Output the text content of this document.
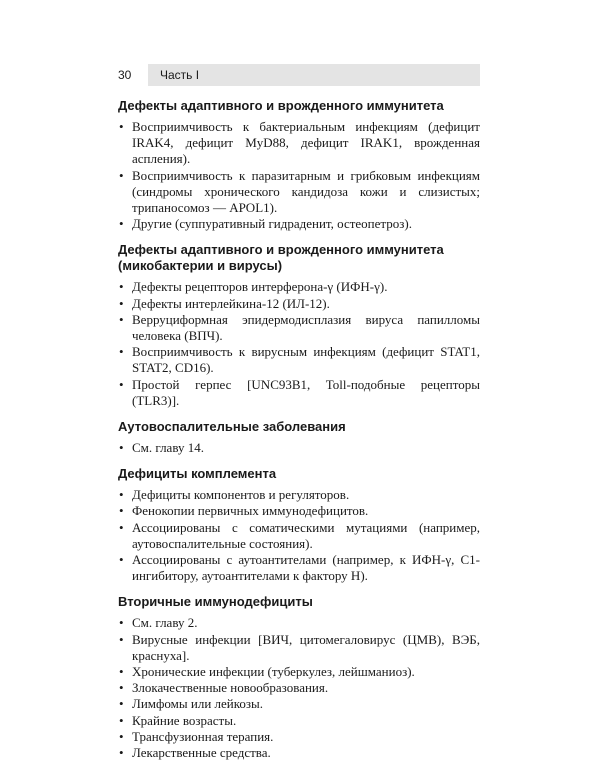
30	Часть I
Дефекты адаптивного и врожденного иммунитета
• Восприимчивость к бактериальным инфекциям (дефицит IRAK4, дефицит MyD88, дефицит IRAK1, врожденная аспления).
• Восприимчивость к паразитарным и грибковым инфекциям (синдромы хронического кандидоза кожи и слизистых; трипаносомоз — APOL1).
• Другие (суппуративный гидраденит, остеопетроз).
Дефекты адаптивного и врожденного иммунитета (микобактерии и вирусы)
• Дефекты рецепторов интерферона-γ (ИФН-γ).
• Дефекты интерлейкина-12 (ИЛ-12).
• Верруциформная эпидермодисплазия вируса папилломы человека (ВПЧ).
• Восприимчивость к вирусным инфекциям (дефицит STAT1, STAT2, CD16).
• Простой герпес [UNC93B1, Toll-подобные рецепторы (TLR3)].
Аутовоспалительные заболевания
• См. главу 14.
Дефициты комплемента
• Дефициты компонентов и регуляторов.
• Фенокопии первичных иммунодефицитов.
• Ассоциированы с соматическими мутациями (например, аутовоспалительные состояния).
• Ассоциированы с аутоантителами (например, к ИФН-γ, C1-ингибитору, аутоантителами к фактору H).
Вторичные иммунодефициты
• См. главу 2.
• Вирусные инфекции [ВИЧ, цитомегаловирус (ЦМВ), ВЭБ, краснуха].
• Хронические инфекции (туберкулез, лейшманиоз).
• Злокачественные новообразования.
• Лимфомы или лейкозы.
• Крайние возрасты.
• Трансфузионная терапия.
• Лекарственные средства.
